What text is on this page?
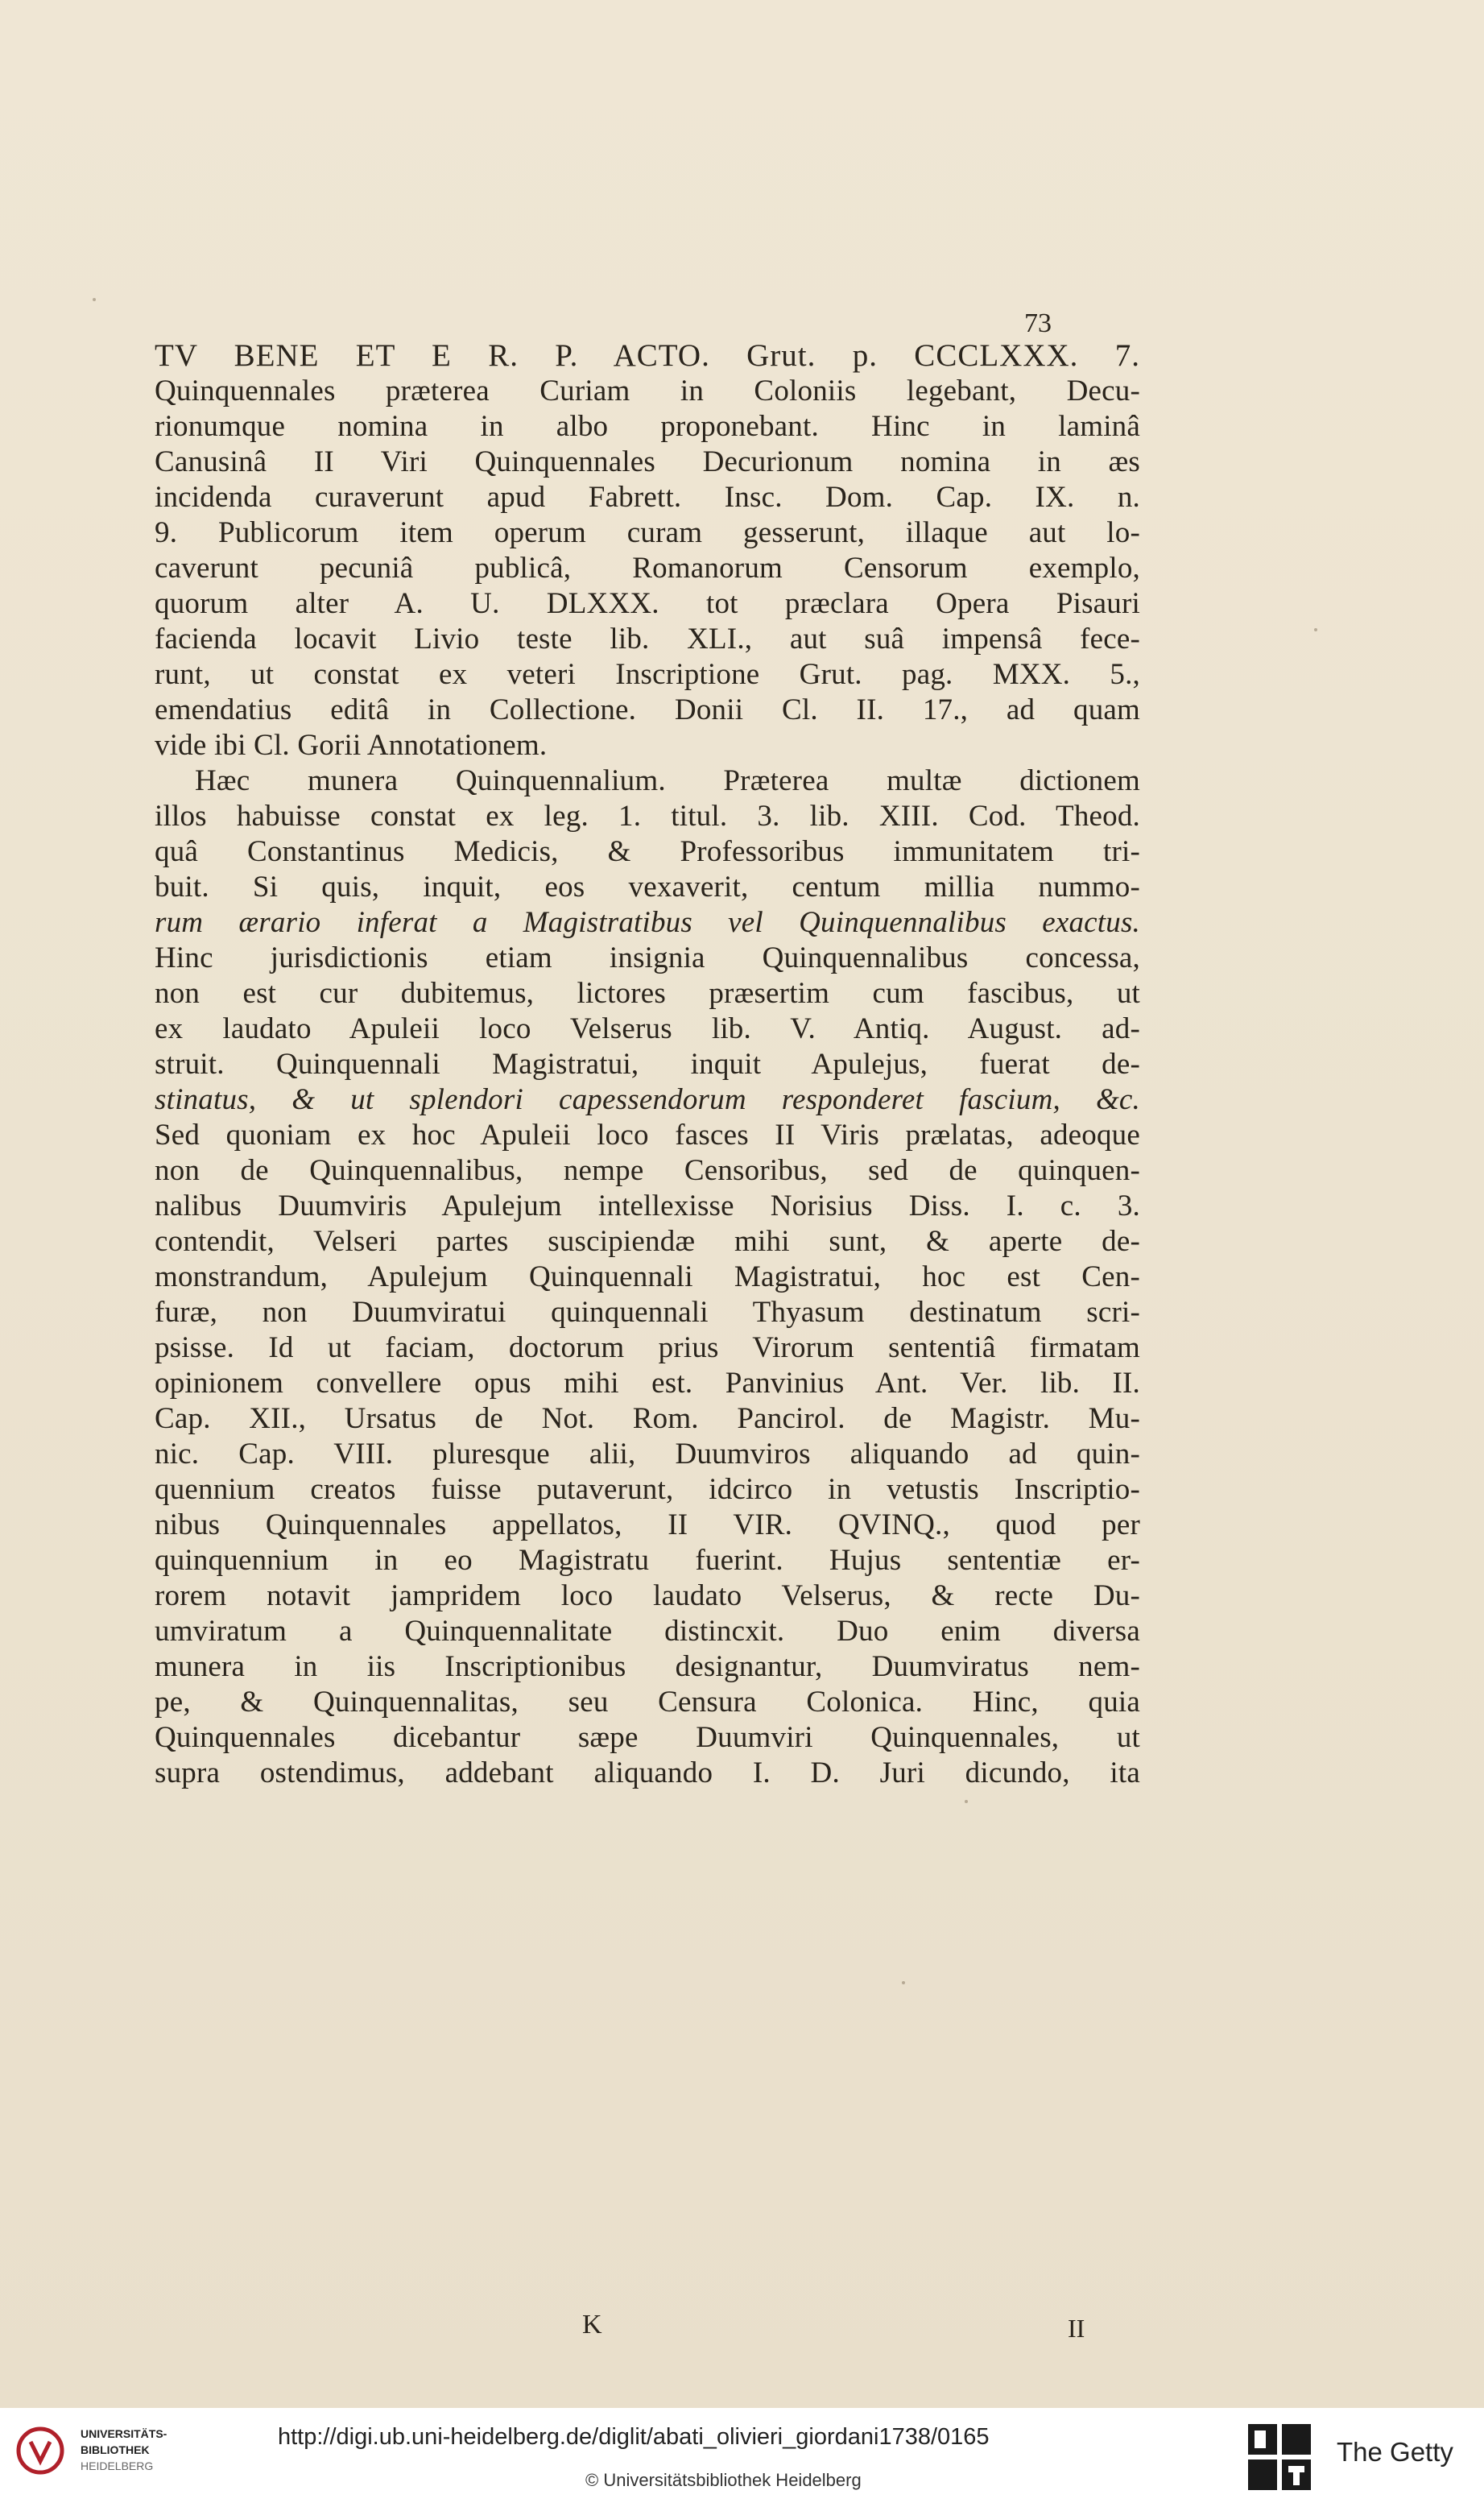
73
TV BENE ET E R. P. ACTO. Grut. p. CCCLXXX. 7.
Quinquennales præterea Curiam in Coloniis legebant, Decu-
rionumque nomina in albo proponebant. Hinc in laminâ
Canusinâ II Viri Quinquennales Decurionum nomina in æs
incidenda curaverunt apud Fabrett. Insc. Dom. Cap. IX. n.
9. Publicorum item operum curam gesserunt, illaque aut lo-
caverunt pecuniâ publicâ, Romanorum Censorum exemplo,
quorum alter A. U. DLXXX. tot præclara Opera Pisauri
facienda locavit Livio teste lib. XLI., aut suâ impensâ fece-
runt, ut constat ex veteri Inscriptione Grut. pag. MXX. 5.,
emendatius editâ in Collectione. Donii Cl. II. 17., ad quam
vide ibi Cl. Gorii Annotationem.
Hæc munera Quinquennalium. Præterea multæ dictionem
illos habuisse constat ex leg. 1. titul. 3. lib. XIII. Cod. Theod.
quâ Constantinus Medicis, & Professoribus immunitatem tri-
buit. Si quis, inquit, eos vexaverit, centum millia nummo-
rum ærario inferat a Magistratibus vel Quinquennalibus exactus.
Hinc jurisdictionis etiam insignia Quinquennalibus concessa,
non est cur dubitemus, lictores præsertim cum fascibus, ut
ex laudato Apuleii loco Velserus lib. V. Antiq. August. ad-
struit. Quinquennali Magistratui, inquit Apulejus, fuerat de-
stinatus, & ut splendori capessendorum responderet fascium, &c.
Sed quoniam ex hoc Apuleii loco fasces II Viris prælatas, adeoque
non de Quinquennalibus, nempe Censoribus, sed de quinquen-
nalibus Duumviris Apulejum intellexisse Norisius Diss. I. c. 3.
contendit, Velseri partes suscipiendæ mihi sunt, & aperte de-
monstrandum, Apulejum Quinquennali Magistratui, hoc est Cen-
furæ, non Duumviratui quinquennali Thyasum destinatum scri-
psisse. Id ut faciam, doctorum prius Virorum sententiâ firmatam
opinionem convellere opus mihi est. Panvinius Ant. Ver. lib. II.
Cap. XII., Ursatus de Not. Rom. Pancirol. de Magistr. Mu-
nic. Cap. VIII. pluresque alii, Duumviros aliquando ad quin-
quennium creatos fuisse putaverunt, idcirco in vetustis Inscriptio-
nibus Quinquennales appellatos, II VIR. QVINQ., quod per
quinquennium in eo Magistratu fuerint. Hujus sententiæ er-
rorem notavit jampridem loco laudato Velserus, & recte Du-
umviratum a Quinquennalitate distincxit. Duo enim diversa
munera in iis Inscriptionibus designantur, Duumviratus nem-
pe, & Quinquennalitas, seu Censura Colonica. Hinc, quia
Quinquennales dicebantur sæpe Duumviri Quinquennales, ut
supra ostendimus, addebant aliquando I. D. Juri dicundo, ita
K	II
UNIVERSITÄTS-
BIBLIOTHEK
HEIDELBERG
http://digi.ub.uni-heidelberg.de/diglit/abati_olivieri_giordani1738/0165
© Universitätsbibliothek Heidelberg
The Getty
